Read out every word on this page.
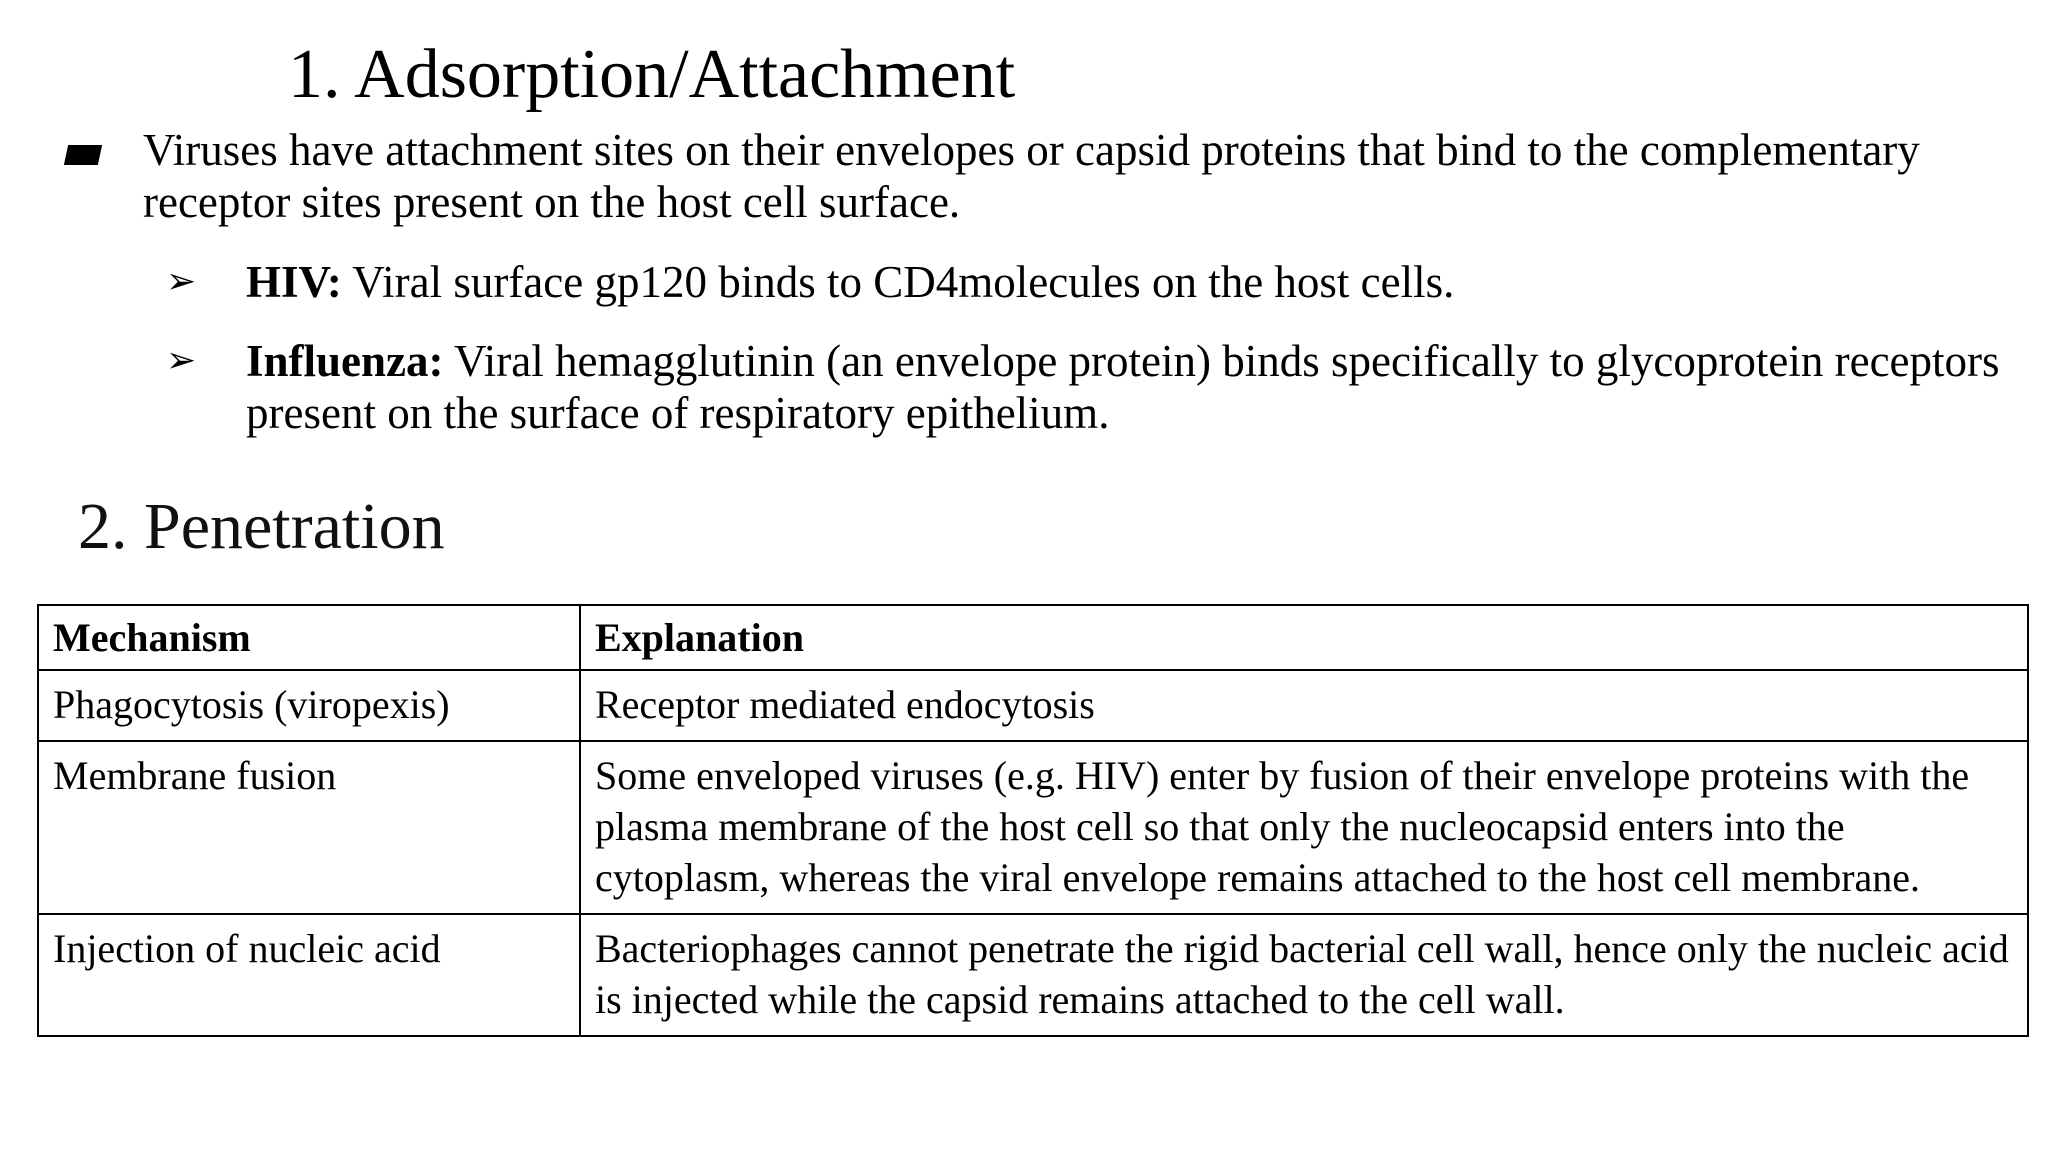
1. Adsorption/Attachment

Viruses have attachment sites on their envelopes or capsid proteins that bind to the complementary receptor sites present on the host cell surface.

➢ HIV: Viral surface gp120 binds to CD4molecules on the host cells.
➢ Influenza: Viral hemagglutinin (an envelope protein) binds specifically to glycoprotein receptors present on the surface of respiratory epithelium.
2. Penetration
Mechanism	Explanation
Phagocytosis (viropexis)	Receptor mediated endocytosis
Membrane fusion	Some enveloped viruses (e.g. HIV) enter by fusion of their envelope proteins with the plasma membrane of the host cell so that only the nucleocapsid enters into the cytoplasm, whereas the viral envelope remains attached to the host cell membrane.
Injection of nucleic acid	Bacteriophages cannot penetrate the rigid bacterial cell wall, hence only the nucleic acid is injected while the capsid remains attached to the cell wall.
